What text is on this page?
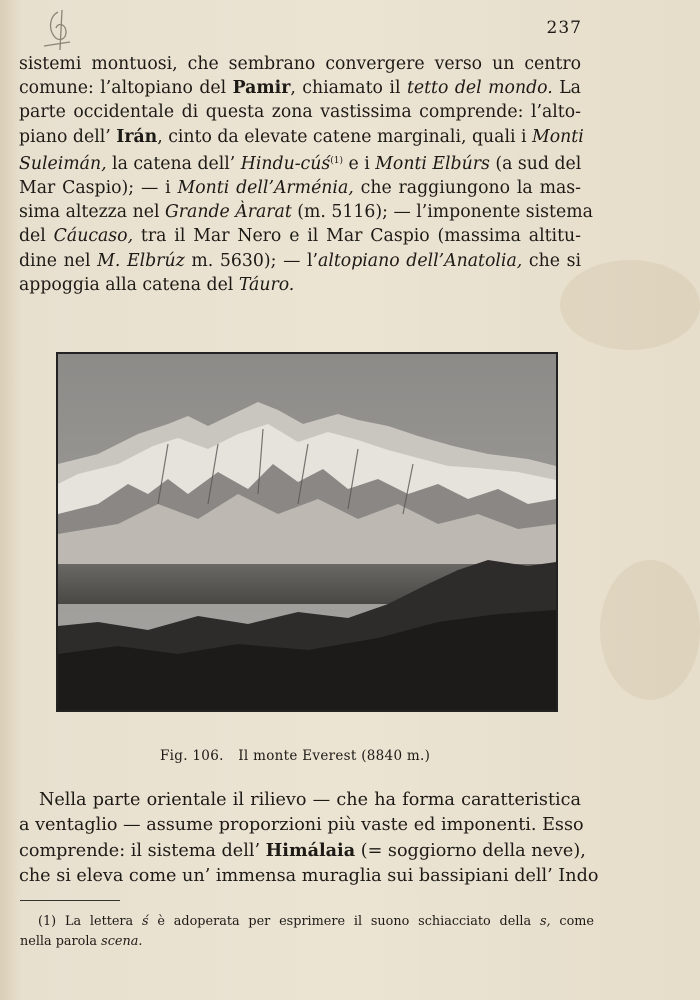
237
sistemi montuosi, che sembrano convergere verso un centro
comune: l’altopiano del Pamir, chiamato il tetto del mondo. La
parte occidentale di questa zona vastissima comprende: l’alto-
piano dell’ Irán, cinto da elevate catene marginali, quali i Monti
Suleimán, la catena dell’ Hindu-cúś$^{(1)}$ e i Monti Elbúrs (a sud del
Mar Caspio); — i Monti dell’Arménia, che raggiungono la mas-
sima altezza nel Grande Àrarat (m. 5116); — l’imponente sistema
del Cáucaso, tra il Mar Nero e il Mar Caspio (massima altitu-
dine nel M. Elbrúz m. 5630); — l’altopiano dell’Anatolia, che si
appoggia alla catena del Táuro.
Fig. 106. Il monte Everest (8840 m.)
Nella parte orientale il rilievo — che ha forma caratteristica
a ventaglio — assume proporzioni più vaste ed imponenti. Esso
comprende: il sistema dell’ Himálaia (= soggiorno della neve),
che si eleva come un’ immensa muraglia sui bassipiani dell’ Indo
(1) La lettera ś è adoperata per esprimere il suono schiacciato della s, come
nella parola scena.
